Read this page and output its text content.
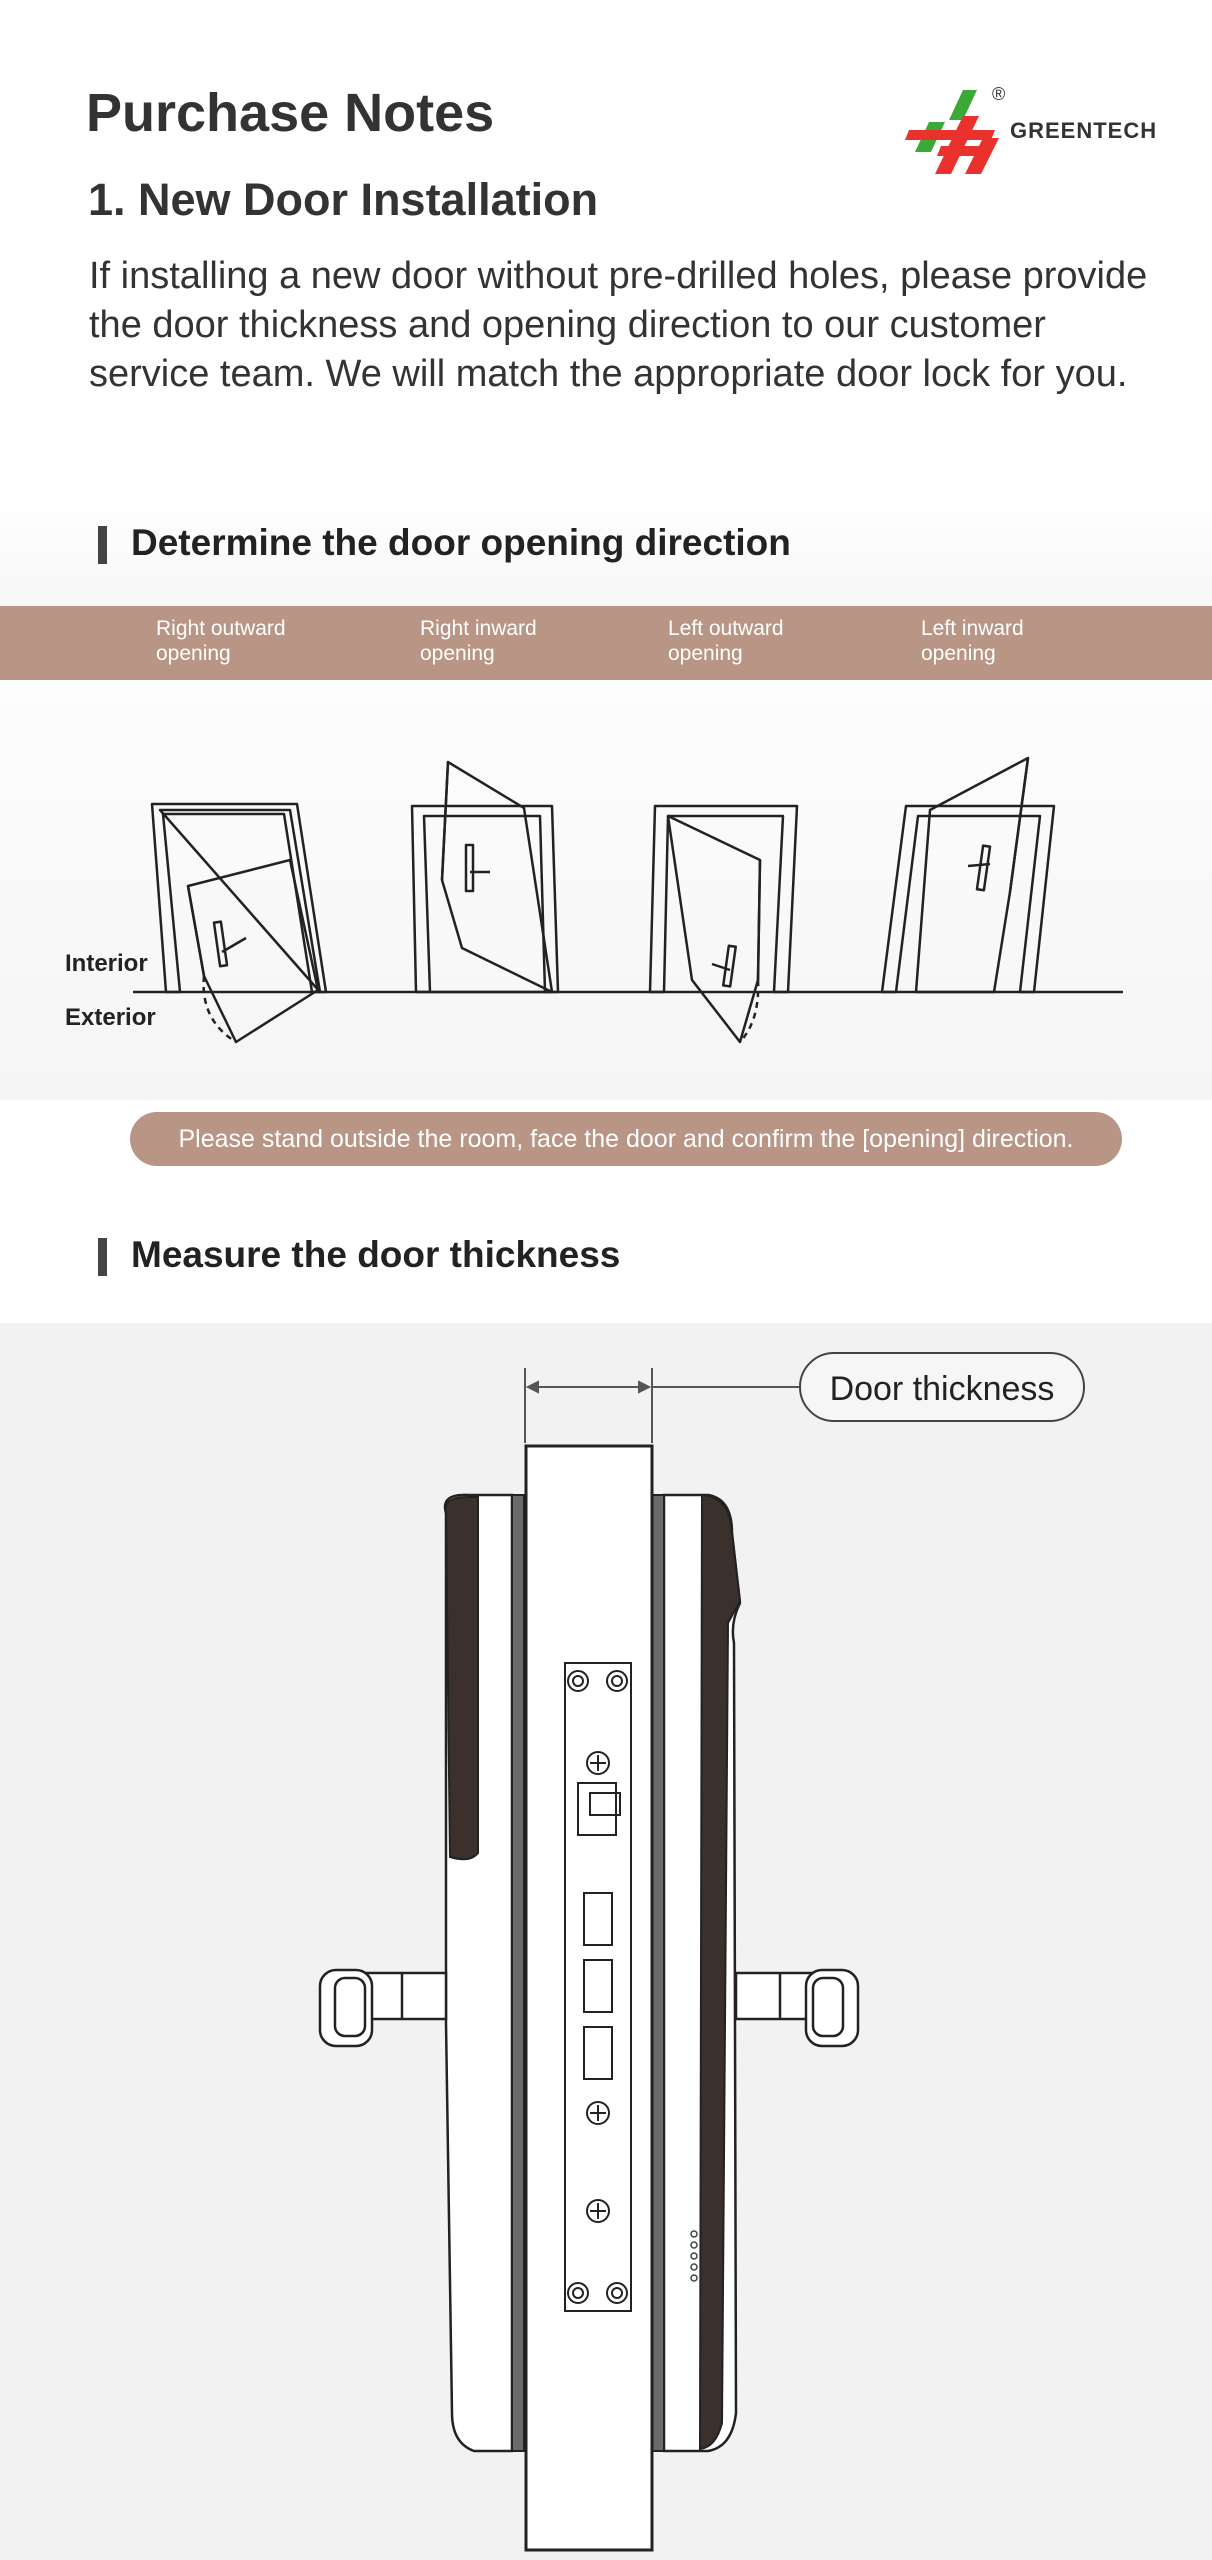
Purchase Notes	®
GREENTECH
1. New Door Installation

If installing a new door without pre-drilled holes, please provide the door thickness and opening direction to our customer service team. We will match the appropriate door lock for you.

Determine the door opening direction
Right outward opening
Right inward opening
Left outward opening
Left inward opening
Interior
Exterior
Please stand outside the room, face the door and confirm the [opening] direction.
Measure the door thickness
Door thickness
